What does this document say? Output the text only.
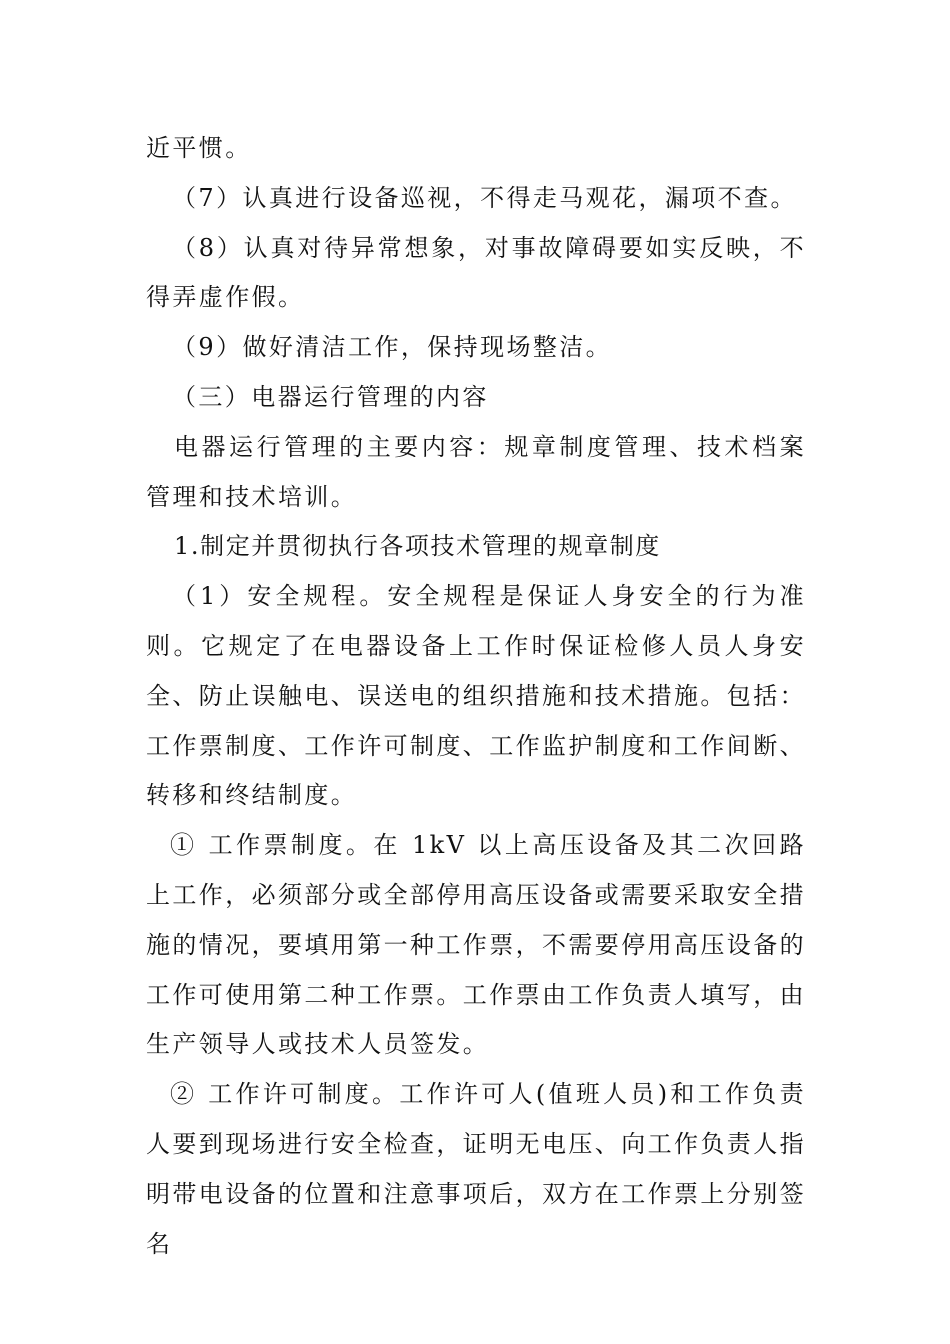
近平惯。

（7）认真进行设备巡视，不得走马观花，漏项不查。

（8）认真对待异常想象，对事故障碍要如实反映，不得弄虚作假。

（9）做好清洁工作，保持现场整洁。

（三）电器运行管理的内容

电器运行管理的主要内容：规章制度管理、技术档案管理和技术培训。

1.制定并贯彻执行各项技术管理的规章制度

（1）安全规程。安全规程是保证人身安全的行为准则。它规定了在电器设备上工作时保证检修人员人身安全、防止误触电、误送电的组织措施和技术措施。包括：工作票制度、工作许可制度、工作监护制度和工作间断、转移和终结制度。

① 工作票制度。在 1kV 以上高压设备及其二次回路上工作，必须部分或全部停用高压设备或需要采取安全措施的情况，要填用第一种工作票，不需要停用高压设备的工作可使用第二种工作票。工作票由工作负责人填写，由生产领导人或技术人员签发。

② 工作许可制度。工作许可人(值班人员)和工作负责人要到现场进行安全检查，证明无电压、向工作负责人指明带电设备的位置和注意事项后，双方在工作票上分别签名
